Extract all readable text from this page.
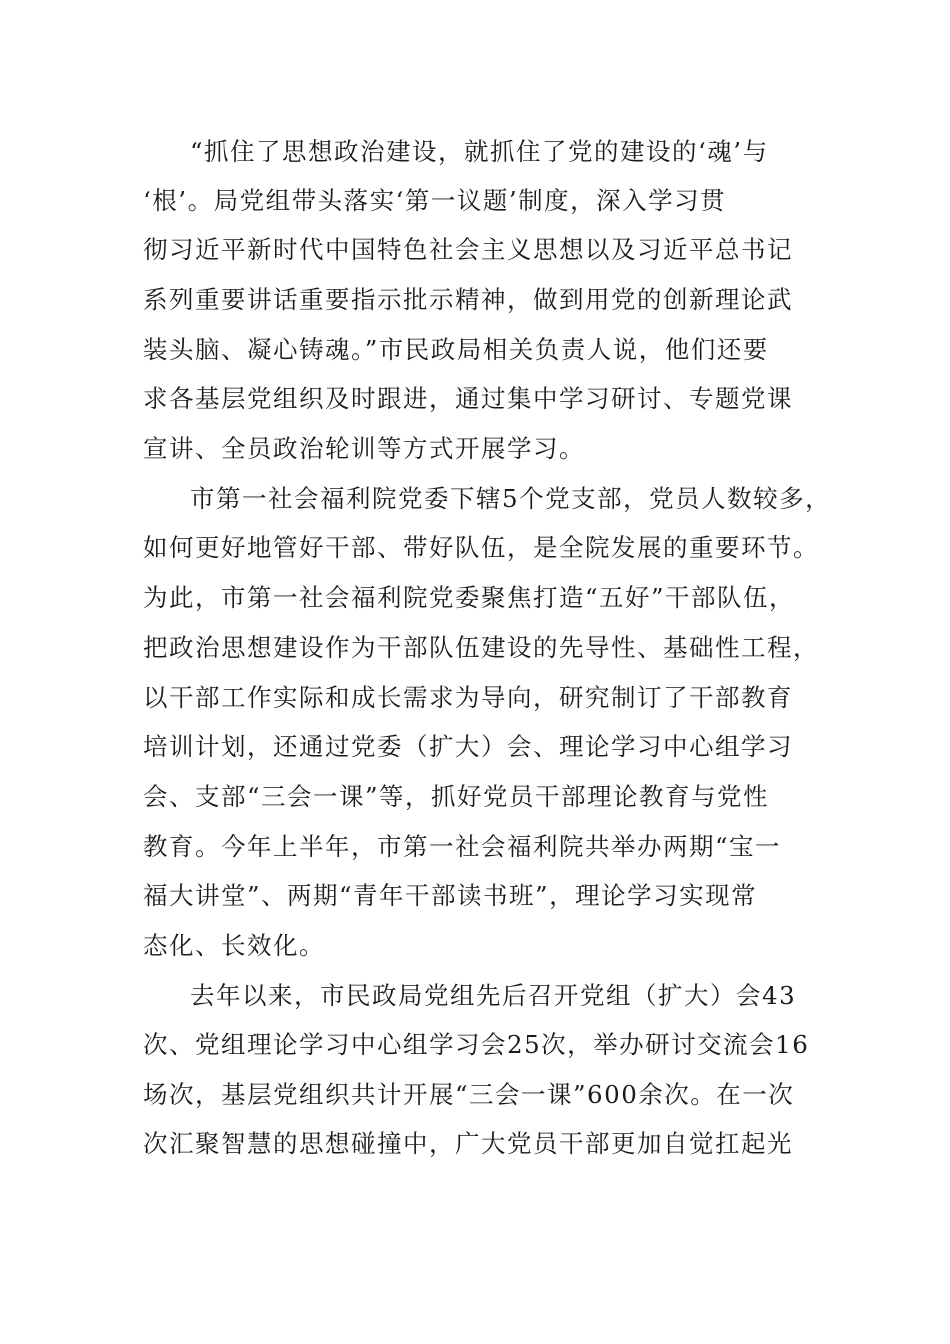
“抓住了思想政治建设，就抓住了党的建设的‘魂’与
‘根’。局党组带头落实‘第一议题’制度，深入学习贯
彻习近平新时代中国特色社会主义思想以及习近平总书记
系列重要讲话重要指示批示精神，做到用党的创新理论武
装头脑、凝心铸魂。”市民政局相关负责人说，他们还要
求各基层党组织及时跟进，通过集中学习研讨、专题党课
宣讲、全员政治轮训等方式开展学习。
市第一社会福利院党委下辖5个党支部，党员人数较多，
如何更好地管好干部、带好队伍，是全院发展的重要环节。
为此，市第一社会福利院党委聚焦打造“五好”干部队伍，
把政治思想建设作为干部队伍建设的先导性、基础性工程，
以干部工作实际和成长需求为导向，研究制订了干部教育
培训计划，还通过党委（扩大）会、理论学习中心组学习
会、支部“三会一课”等，抓好党员干部理论教育与党性
教育。今年上半年，市第一社会福利院共举办两期“宝一
福大讲堂”、两期“青年干部读书班”，理论学习实现常
态化、长效化。
去年以来，市民政局党组先后召开党组（扩大）会43
次、党组理论学习中心组学习会25次，举办研讨交流会16
场次，基层党组织共计开展“三会一课”600余次。在一次
次汇聚智慧的思想碰撞中，广大党员干部更加自觉扛起光
